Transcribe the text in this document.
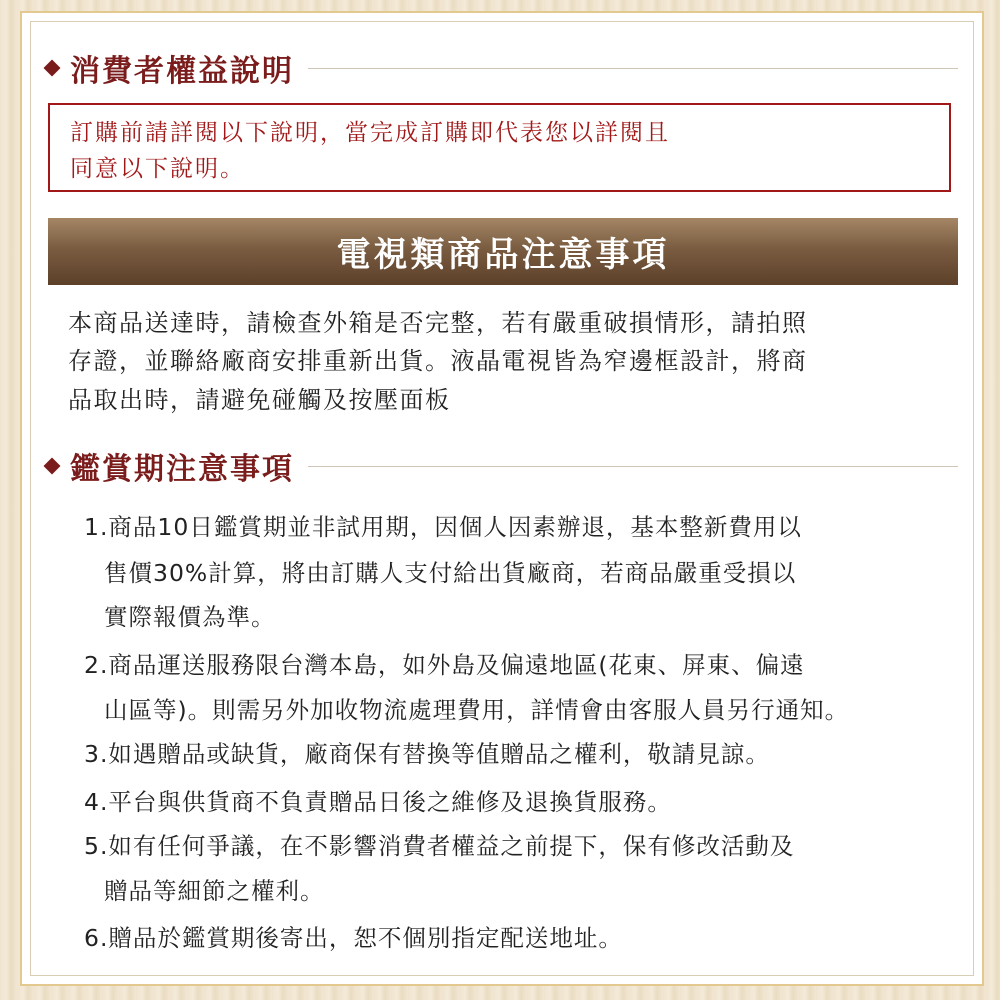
消費者權益說明
訂購前請詳閱以下說明，當完成訂購即代表您以詳閱且
同意以下說明。
電視類商品注意事項
本商品送達時，請檢查外箱是否完整，若有嚴重破損情形，請拍照
存證，並聯絡廠商安排重新出貨。液晶電視皆為窄邊框設計，將商
品取出時，請避免碰觸及按壓面板
鑑賞期注意事項
1.商品10日鑑賞期並非試用期，因個人因素辦退，基本整新費用以
售價30%計算，將由訂購人支付給出貨廠商，若商品嚴重受損以
實際報價為準。
2.商品運送服務限台灣本島，如外島及偏遠地區(花東、屏東、偏遠
山區等)。則需另外加收物流處理費用，詳情會由客服人員另行通知。
3.如遇贈品或缺貨，廠商保有替換等值贈品之權利，敬請見諒。
4.平台與供貨商不負責贈品日後之維修及退換貨服務。
5.如有任何爭議，在不影響消費者權益之前提下，保有修改活動及
贈品等細節之權利。
6.贈品於鑑賞期後寄出，恕不個別指定配送地址。
